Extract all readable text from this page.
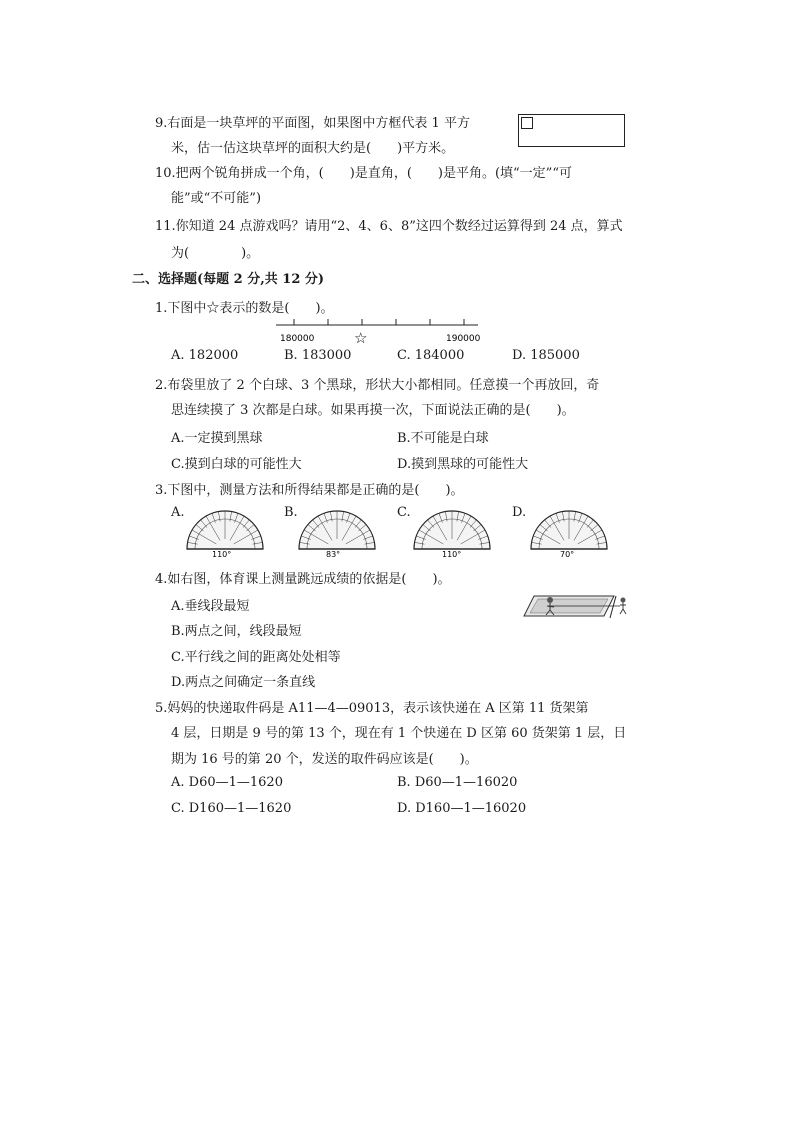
9.右面是一块草坪的平面图，如果图中方框代表 1 平方
米，估一估这块草坪的面积大约是(　　)平方米。
10.把两个锐角拼成一个角，(　　)是直角，(　　)是平角。(填“一定”“可
能”或“不可能”)
11.你知道 24 点游戏吗？请用“2、4、6、8”这四个数经过运算得到 24 点，算式
为(　　　　)。
二、选择题(每题 2 分,共 12 分)
1.下图中☆表示的数是(　　)。
180000	190000
☆
A. 182000	B. 183000	C. 184000	D. 185000
2.布袋里放了 2 个白球、3 个黑球，形状大小都相同。任意摸一个再放回，奇
思连续摸了 3 次都是白球。如果再摸一次，下面说法正确的是(　　)。
A.一定摸到黑球	B.不可能是白球
C.摸到白球的可能性大	D.摸到黑球的可能性大
3.下图中，测量方法和所得结果都是正确的是(　　)。
A.
110°
B.
83°
C.
110°
D.
70°
4.如右图，体育课上测量跳远成绩的依据是(　　)。
A.垂线段最短
B.两点之间，线段最短
C.平行线之间的距离处处相等
D.两点之间确定一条直线
5.妈妈的快递取件码是 A11—4—09013，表示该快递在 A 区第 11 货架第
4 层，日期是 9 号的第 13 个，现在有 1 个快递在 D 区第 60 货架第 1 层，日
期为 16 号的第 20 个，发送的取件码应该是(　　)。
A. D60—1—1620	B. D60—1—16020
C. D160—1—1620	D. D160—1—16020
